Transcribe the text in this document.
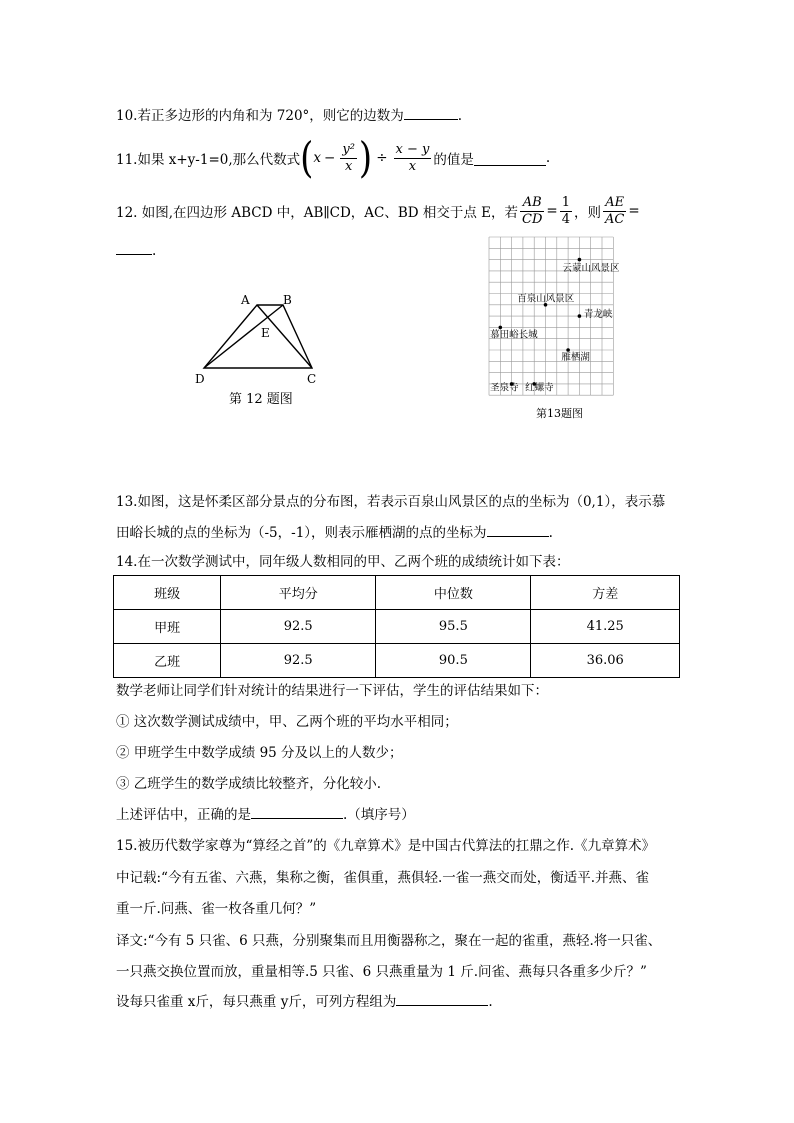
10.若正多边形的内角和为 720°，则它的边数为	.
11.如果 x+y-1=0,那么代数式 ( $x - \frac{\text{y²}}{x}$ ) ÷ $\frac{x - y}{x}$ 的值是	.
12. 如图,在四边形 ABCD 中，AB∥CD，AC、BD 相交于点 E，若 $\frac{AB}{CD} = \frac{1}{4}$ ，则 $\frac{AE}{AC}$ =
.
A	B
E
D	C
第 12 题图
云蒙山风景区
百泉山风景区
青龙峡
慕田峪长城
雁栖湖
圣泉寺 红螺寺
第13题图
13.如图，这是怀柔区部分景点的分布图，若表示百泉山风景区的点的坐标为（0,1），表示慕
田峪长城的点的坐标为（-5，-1），则表示雁栖湖的点的坐标为	.
14.在一次数学测试中，同年级人数相同的甲、乙两个班的成绩统计如下表：
班级	平均分	中位数	方差
甲班	92.5	95.5	41.25
乙班	92.5	90.5	36.06
数学老师让同学们针对统计的结果进行一下评估，学生的评估结果如下：
① 这次数学测试成绩中，甲、乙两个班的平均水平相同；
② 甲班学生中数学成绩 95 分及以上的人数少；
③ 乙班学生的数学成绩比较整齐，分化较小.
上述评估中，正确的是	.（填序号）
15.被历代数学家尊为“算经之首”的《九章算术》是中国古代算法的扛鼎之作.《九章算术》
中记载:“今有五雀、六燕，集称之衡，雀俱重，燕俱轻.一雀一燕交而处，衡适平.并燕、雀
重一斤.问燕、雀一枚各重几何？”
译文:“今有 5 只雀、6 只燕，分别聚集而且用衡器称之，聚在一起的雀重，燕轻.将一只雀、
一只燕交换位置而放，重量相等.5 只雀、6 只燕重量为 1 斤.问雀、燕每只各重多少斤？”
设每只雀重 x斤，每只燕重 y斤，可列方程组为	.
